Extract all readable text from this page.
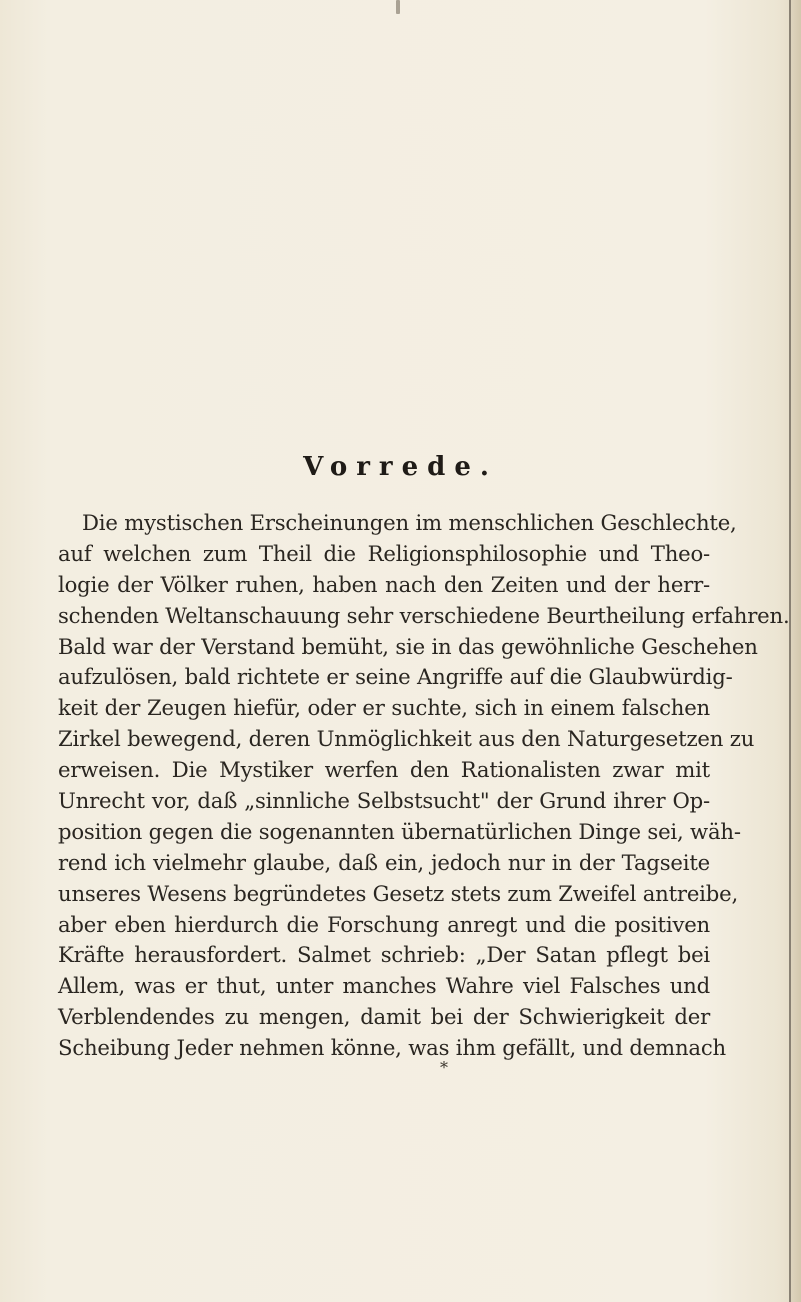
Vorrede.
Die mystischen Erscheinungen im menschlichen Geschlechte,
auf welchen zum Theil die Religionsphilosophie und Theo-
logie der Völker ruhen, haben nach den Zeiten und der herr-
schenden Weltanschauung sehr verschiedene Beurtheilung erfahren.
Bald war der Verstand bemüht, sie in das gewöhnliche Geschehen
aufzulösen, bald richtete er seine Angriffe auf die Glaubwürdig-
keit der Zeugen hiefür, oder er suchte, sich in einem falschen
Zirkel bewegend, deren Unmöglichkeit aus den Naturgesetzen zu
erweisen. Die Mystiker werfen den Rationalisten zwar mit
Unrecht vor, daß „sinnliche Selbstsucht" der Grund ihrer Op-
position gegen die sogenannten übernatürlichen Dinge sei, wäh-
rend ich vielmehr glaube, daß ein, jedoch nur in der Tagseite
unseres Wesens begründetes Gesetz stets zum Zweifel antreibe,
aber eben hierdurch die Forschung anregt und die positiven
Kräfte herausfordert. Salmet schrieb: „Der Satan pflegt bei
Allem, was er thut, unter manches Wahre viel Falsches und
Verblendendes zu mengen, damit bei der Schwierigkeit der
Scheibung Jeder nehmen könne, was ihm gefällt, und demnach
*
